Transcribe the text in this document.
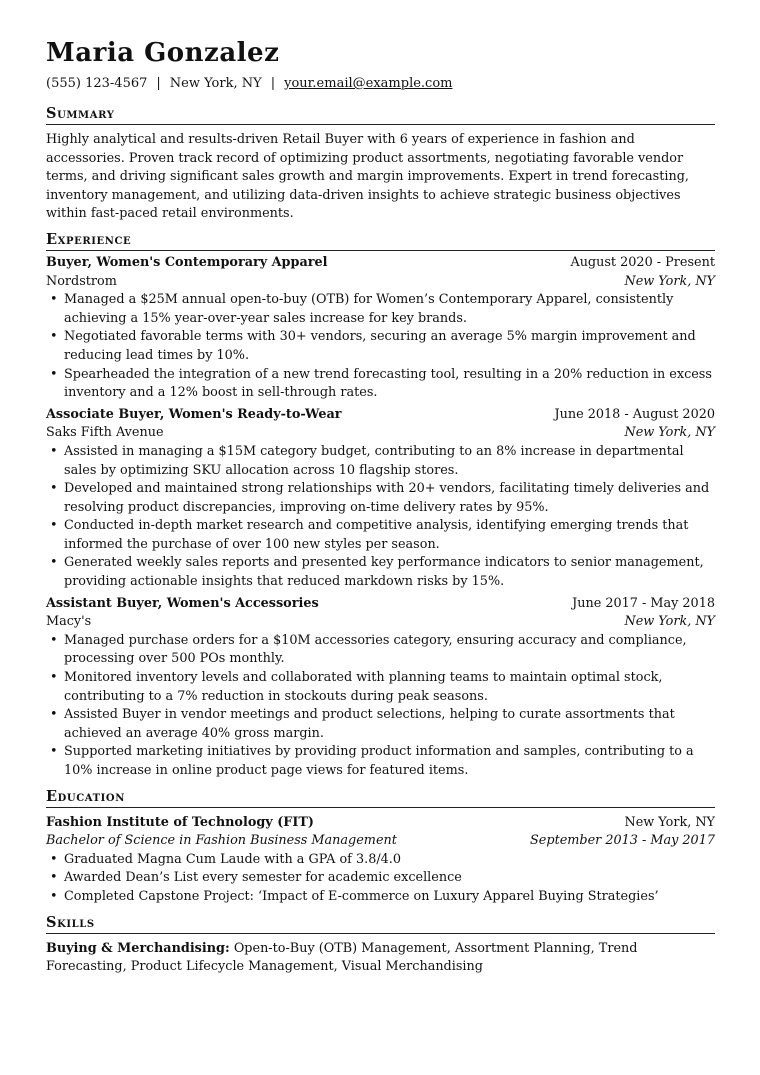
Maria Gonzalez
(555) 123-4567 | New York, NY | your.email@example.com
Summary

Highly analytical and results-driven Retail Buyer with 6 years of experience in fashion and accessories. Proven track record of optimizing product assortments, negotiating favorable vendor terms, and driving significant sales growth and margin improvements. Expert in trend forecasting, inventory management, and utilizing data-driven insights to achieve strategic business objectives within fast-paced retail environments.

Experience
Buyer, Women's Contemporary Apparel	August 2020 - Present
Nordstrom	New York, NY
• Managed a $25M annual open-to-buy (OTB) for Women’s Contemporary Apparel, consistently achieving a 15% year-over-year sales increase for key brands.
• Negotiated favorable terms with 30+ vendors, securing an average 5% margin improvement and reducing lead times by 10%.
• Spearheaded the integration of a new trend forecasting tool, resulting in a 20% reduction in excess inventory and a 12% boost in sell-through rates.
Associate Buyer, Women's Ready-to-Wear	June 2018 - August 2020
Saks Fifth Avenue	New York, NY
• Assisted in managing a $15M category budget, contributing to an 8% increase in departmental sales by optimizing SKU allocation across 10 flagship stores.
• Developed and maintained strong relationships with 20+ vendors, facilitating timely deliveries and resolving product discrepancies, improving on-time delivery rates by 95%.
• Conducted in-depth market research and competitive analysis, identifying emerging trends that informed the purchase of over 100 new styles per season.
• Generated weekly sales reports and presented key performance indicators to senior management, providing actionable insights that reduced markdown risks by 15%.
Assistant Buyer, Women's Accessories	June 2017 - May 2018
Macy's	New York, NY
• Managed purchase orders for a $10M accessories category, ensuring accuracy and compliance, processing over 500 POs monthly.
• Monitored inventory levels and collaborated with planning teams to maintain optimal stock, contributing to a 7% reduction in stockouts during peak seasons.
• Assisted Buyer in vendor meetings and product selections, helping to curate assortments that achieved an average 40% gross margin.
• Supported marketing initiatives by providing product information and samples, contributing to a 10% increase in online product page views for featured items.
Education
Fashion Institute of Technology (FIT)	New York, NY
Bachelor of Science in Fashion Business Management	September 2013 - May 2017
• Graduated Magna Cum Laude with a GPA of 3.8/4.0
• Awarded Dean’s List every semester for academic excellence
• Completed Capstone Project: ‘Impact of E-commerce on Luxury Apparel Buying Strategies’
Skills
Buying & Merchandising: Open-to-Buy (OTB) Management, Assortment Planning, Trend Forecasting, Product Lifecycle Management, Visual Merchandising
